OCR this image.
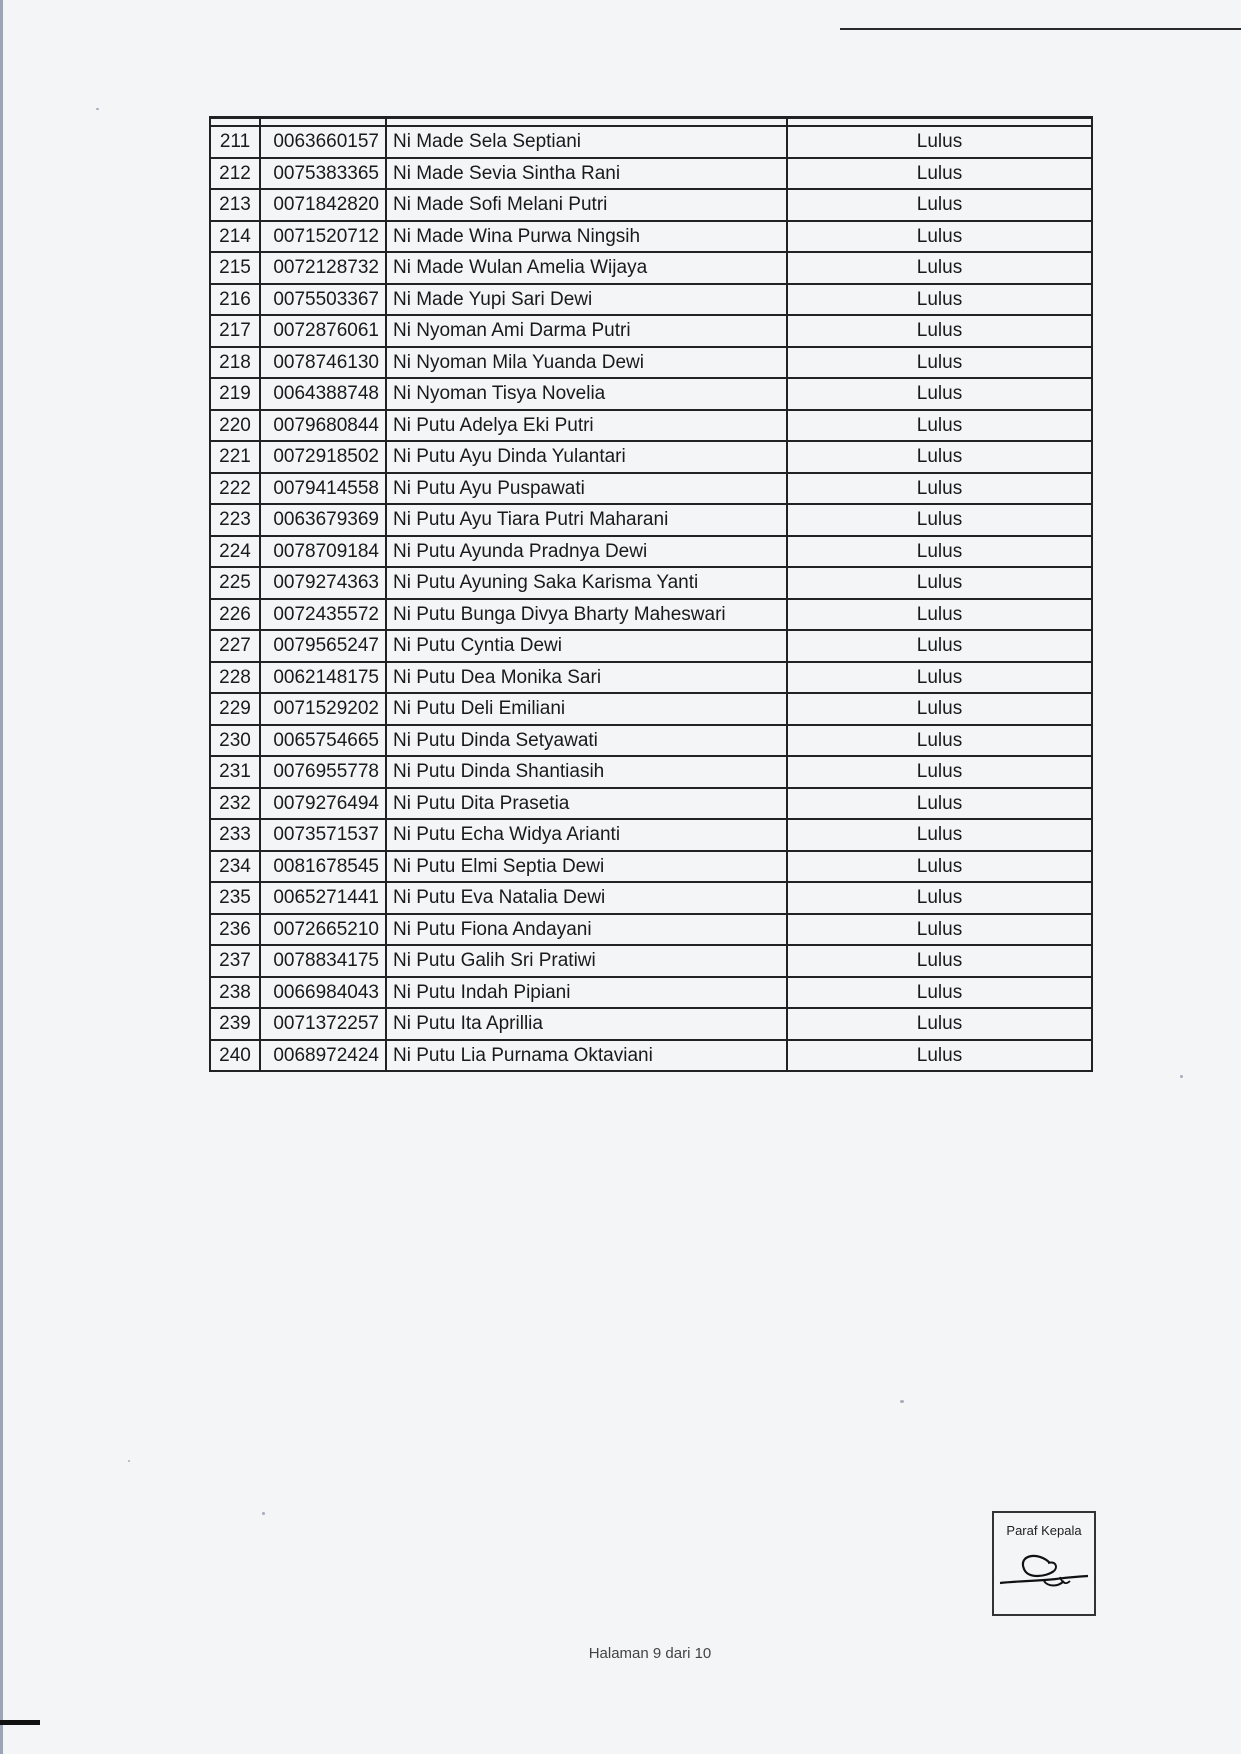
211	0063660157	Ni Made Sela Septiani	Lulus
212	0075383365	Ni Made Sevia Sintha Rani	Lulus
213	0071842820	Ni Made Sofi Melani Putri	Lulus
214	0071520712	Ni Made Wina Purwa Ningsih	Lulus
215	0072128732	Ni Made Wulan Amelia Wijaya	Lulus
216	0075503367	Ni Made Yupi Sari Dewi	Lulus
217	0072876061	Ni Nyoman Ami Darma Putri	Lulus
218	0078746130	Ni Nyoman Mila Yuanda Dewi	Lulus
219	0064388748	Ni Nyoman Tisya Novelia	Lulus
220	0079680844	Ni Putu Adelya Eki Putri	Lulus
221	0072918502	Ni Putu Ayu Dinda Yulantari	Lulus
222	0079414558	Ni Putu Ayu Puspawati	Lulus
223	0063679369	Ni Putu Ayu Tiara Putri Maharani	Lulus
224	0078709184	Ni Putu Ayunda Pradnya Dewi	Lulus
225	0079274363	Ni Putu Ayuning Saka Karisma Yanti	Lulus
226	0072435572	Ni Putu Bunga Divya Bharty Maheswari	Lulus
227	0079565247	Ni Putu Cyntia Dewi	Lulus
228	0062148175	Ni Putu Dea Monika Sari	Lulus
229	0071529202	Ni Putu Deli Emiliani	Lulus
230	0065754665	Ni Putu Dinda Setyawati	Lulus
231	0076955778	Ni Putu Dinda Shantiasih	Lulus
232	0079276494	Ni Putu Dita Prasetia	Lulus
233	0073571537	Ni Putu Echa Widya Arianti	Lulus
234	0081678545	Ni Putu Elmi Septia Dewi	Lulus
235	0065271441	Ni Putu Eva Natalia Dewi	Lulus
236	0072665210	Ni Putu Fiona Andayani	Lulus
237	0078834175	Ni Putu Galih Sri Pratiwi	Lulus
238	0066984043	Ni Putu Indah Pipiani	Lulus
239	0071372257	Ni Putu Ita Aprillia	Lulus
240	0068972424	Ni Putu Lia Purnama Oktaviani	Lulus
Paraf Kepala
Halaman 9 dari 10
